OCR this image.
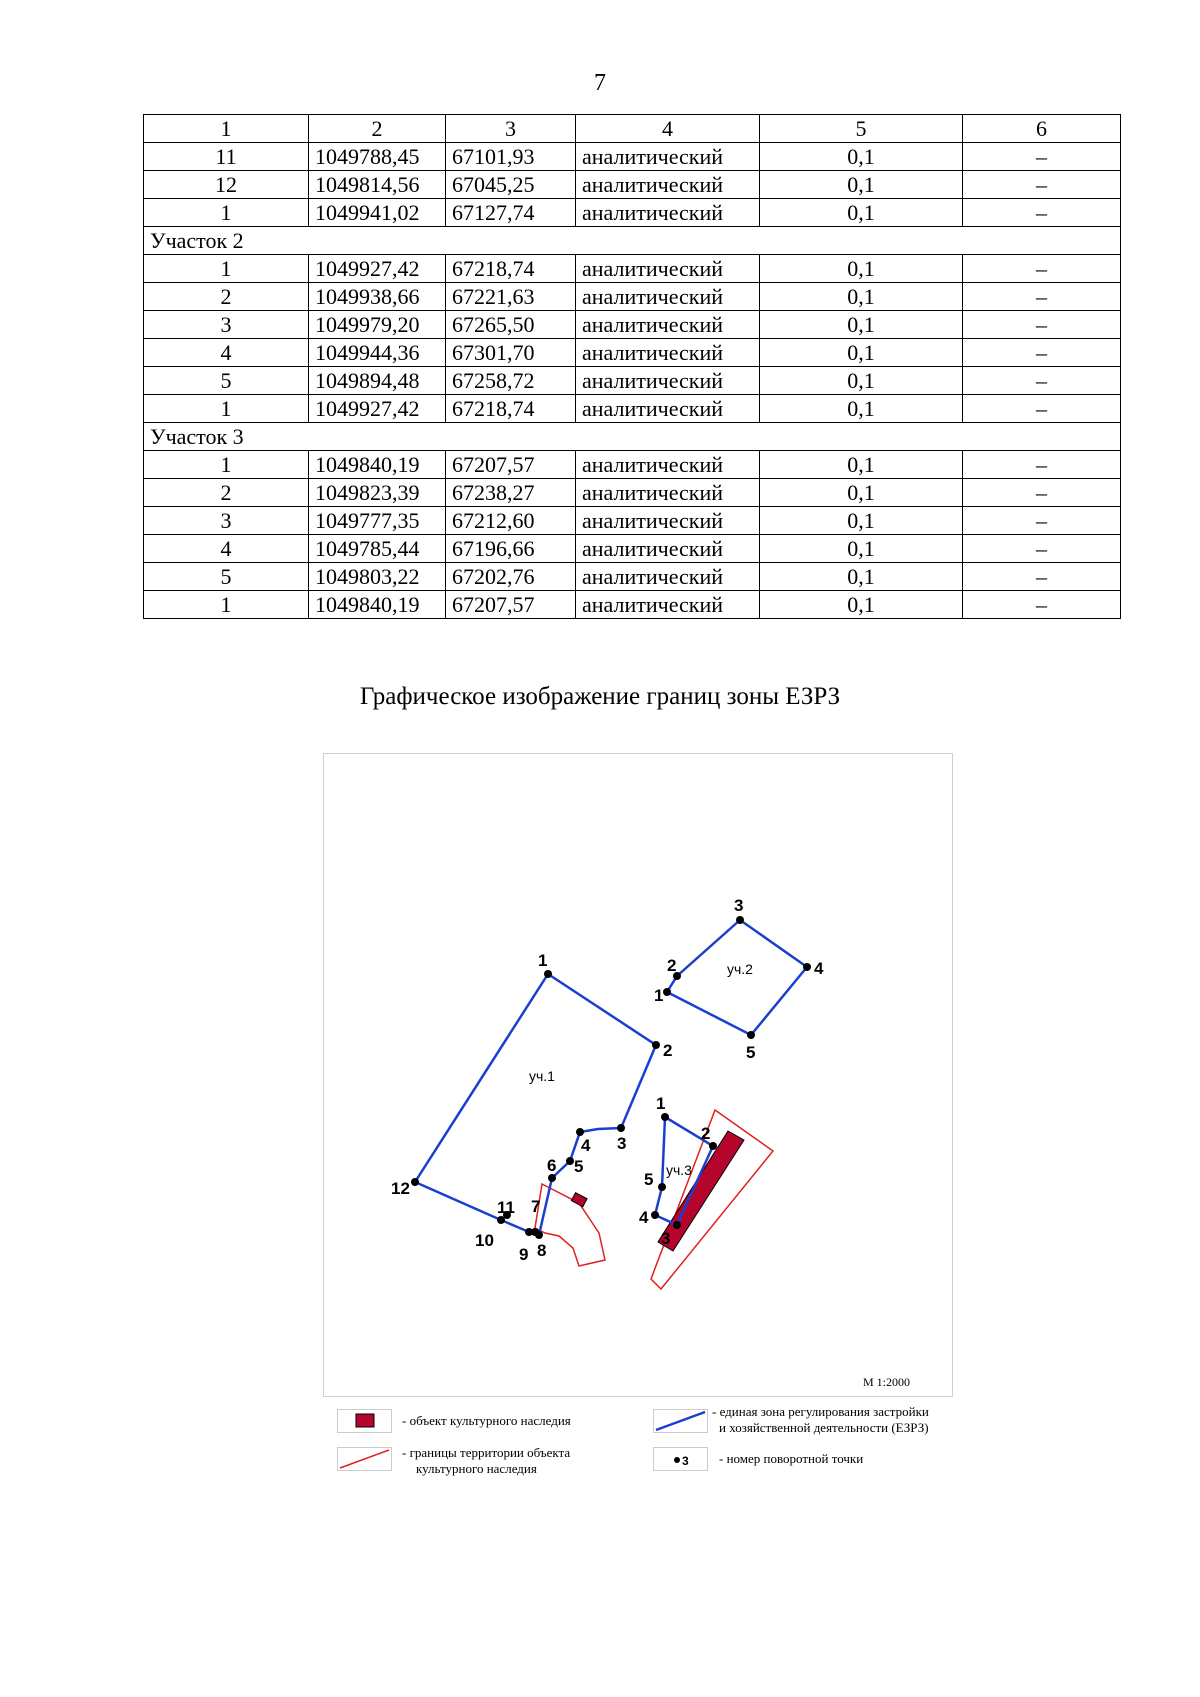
7
1	2	3	4	5	6
11	1049788,45	67101,93	аналитический	0,1	–
12	1049814,56	67045,25	аналитический	0,1	–
1	1049941,02	67127,74	аналитический	0,1	–
Участок 2					
1	1049927,42	67218,74	аналитический	0,1	–
2	1049938,66	67221,63	аналитический	0,1	–
3	1049979,20	67265,50	аналитический	0,1	–
4	1049944,36	67301,70	аналитический	0,1	–
5	1049894,48	67258,72	аналитический	0,1	–
1	1049927,42	67218,74	аналитический	0,1	–
Участок 3					
1	1049840,19	67207,57	аналитический	0,1	–
2	1049823,39	67238,27	аналитический	0,1	–
3	1049777,35	67212,60	аналитический	0,1	–
4	1049785,44	67196,66	аналитический	0,1	–
5	1049803,22	67202,76	аналитический	0,1	–
1	1049840,19	67207,57	аналитический	0,1	–
Графическое изображение границ зоны ЕЗРЗ
1
2
3
4
5
6
7
8
9
10
11
12
1
2
3
4
5
1
2
3
4
5
уч.1
уч.2
уч.3
М 1:2000
- объект культурного наследия
- границы территории объекта
культурного наследия
- единая зона регулирования застройки
и хозяйственной деятельности (ЕЗРЗ)
3 - номер поворотной точки
